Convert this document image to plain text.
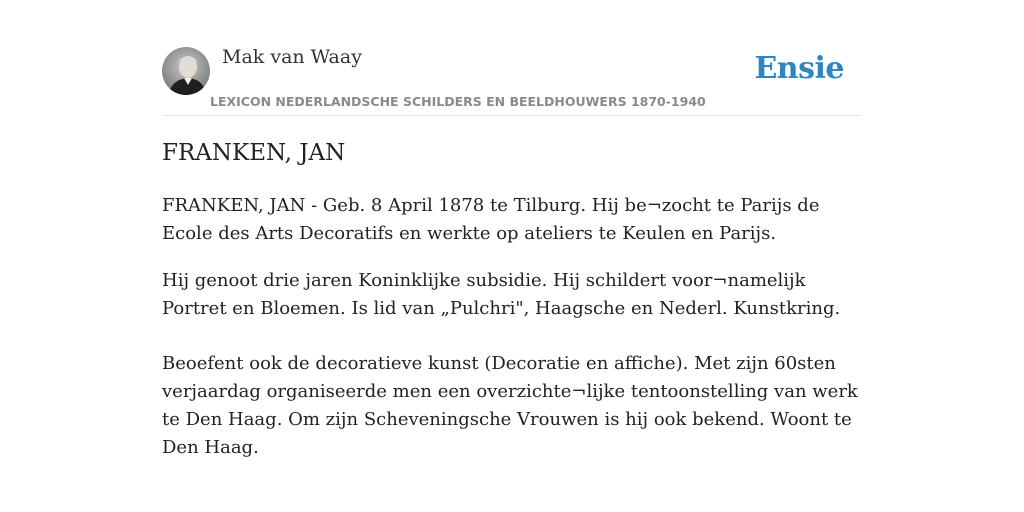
Mak van Waay
LEXICON NEDERLANDSCHE SCHILDERS EN BEELDHOUWERS 1870-1940
Ensie
FRANKEN, JAN

FRANKEN, JAN - Geb. 8 April 1878 te Tilburg. Hij be¬zocht te Parijs de Ecole des Arts Decoratifs en werkte op ateliers te Keulen en Parijs.

Hij genoot drie jaren Koninklijke subsidie. Hij schildert voor¬namelijk Portret en Bloemen. Is lid van „Pulchri", Haagsche en Nederl. Kunstkring.

Beoefent ook de decoratieve kunst (Decoratie en affiche). Met zijn 60sten verjaardag organiseerde men een overzichte¬lijke tentoonstelling van werk te Den Haag. Om zijn Scheveningsche Vrouwen is hij ook bekend. Woont te Den Haag.
